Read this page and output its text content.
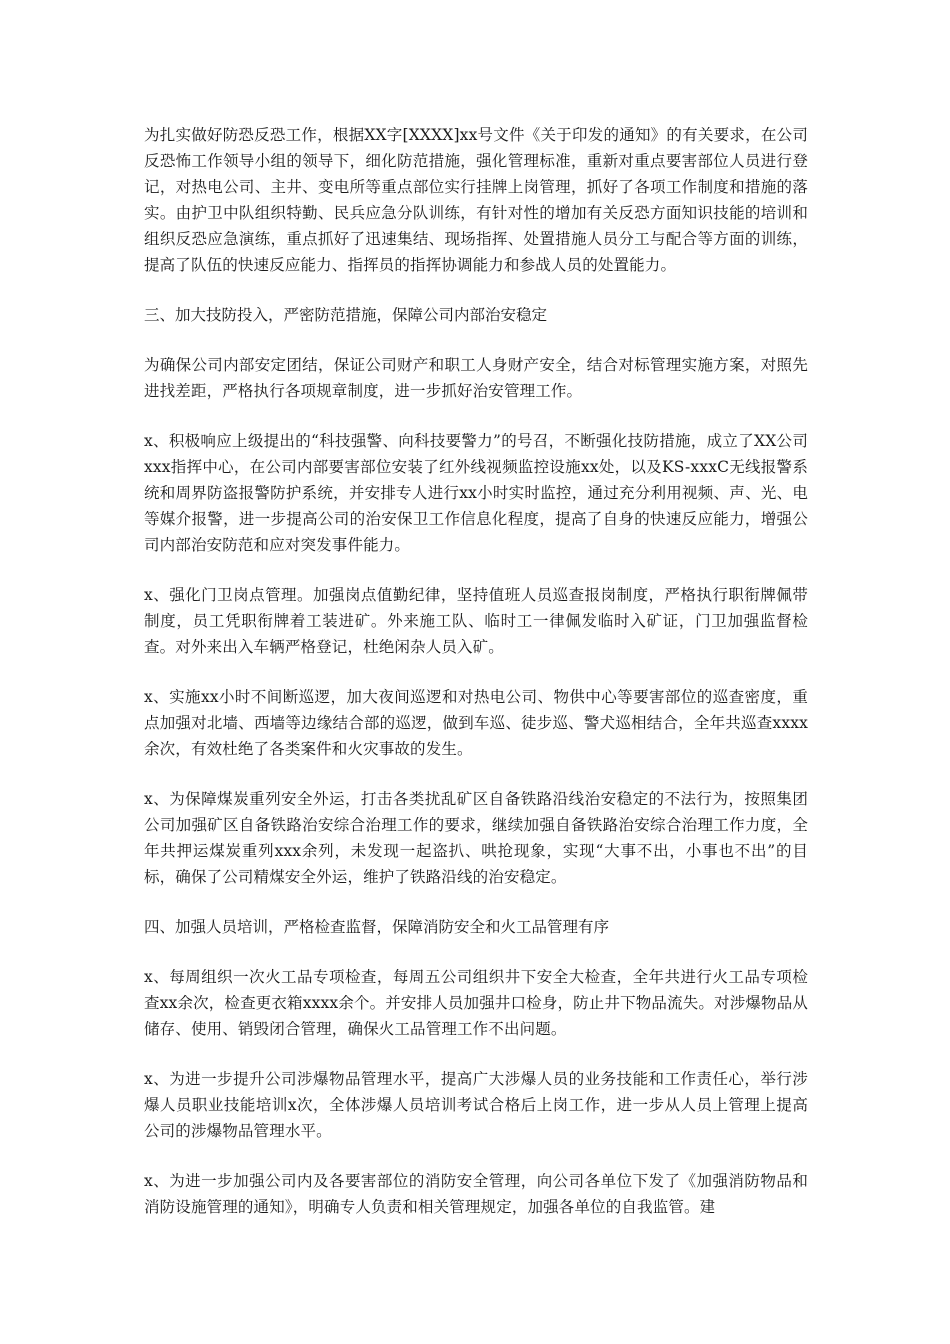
为扎实做好防恐反恐工作，根据XX字[XXXX]xx号文件《关于印发的通知》的有关要求，在公司反恐怖工作领导小组的领导下，细化防范措施，强化管理标准，重新对重点要害部位人员进行登记，对热电公司、主井、变电所等重点部位实行挂牌上岗管理，抓好了各项工作制度和措施的落实。由护卫中队组织特勤、民兵应急分队训练，有针对性的增加有关反恐方面知识技能的培训和组织反恐应急演练，重点抓好了迅速集结、现场指挥、处置措施人员分工与配合等方面的训练，提高了队伍的快速反应能力、指挥员的指挥协调能力和参战人员的处置能力。

三、加大技防投入，严密防范措施，保障公司内部治安稳定

为确保公司内部安定团结，保证公司财产和职工人身财产安全，结合对标管理实施方案，对照先进找差距，严格执行各项规章制度，进一步抓好治安管理工作。

x、积极响应上级提出的“科技强警、向科技要警力”的号召，不断强化技防措施，成立了XX公司xxx指挥中心，在公司内部要害部位安装了红外线视频监控设施xx处，以及KS-xxxC无线报警系统和周界防盗报警防护系统，并安排专人进行xx小时实时监控，通过充分利用视频、声、光、电等媒介报警，进一步提高公司的治安保卫工作信息化程度，提高了自身的快速反应能力，增强公司内部治安防范和应对突发事件能力。

x、强化门卫岗点管理。加强岗点值勤纪律，坚持值班人员巡查报岗制度，严格执行职衔牌佩带制度，员工凭职衔牌着工装进矿。外来施工队、临时工一律佩发临时入矿证，门卫加强监督检查。对外来出入车辆严格登记，杜绝闲杂人员入矿。

x、实施xx小时不间断巡逻，加大夜间巡逻和对热电公司、物供中心等要害部位的巡查密度，重点加强对北墙、西墙等边缘结合部的巡逻，做到车巡、徒步巡、警犬巡相结合，全年共巡查xxxx余次，有效杜绝了各类案件和火灾事故的发生。

x、为保障煤炭重列安全外运，打击各类扰乱矿区自备铁路沿线治安稳定的不法行为，按照集团公司加强矿区自备铁路治安综合治理工作的要求，继续加强自备铁路治安综合治理工作力度，全年共押运煤炭重列xxx余列，未发现一起盗扒、哄抢现象，实现“大事不出，小事也不出”的目标，确保了公司精煤安全外运，维护了铁路沿线的治安稳定。

四、加强人员培训，严格检查监督，保障消防安全和火工品管理有序

x、每周组织一次火工品专项检查，每周五公司组织井下安全大检查，全年共进行火工品专项检查xx余次，检查更衣箱xxxx余个。并安排人员加强井口检身，防止井下物品流失。对涉爆物品从储存、使用、销毁闭合管理，确保火工品管理工作不出问题。

x、为进一步提升公司涉爆物品管理水平，提高广大涉爆人员的业务技能和工作责任心，举行涉爆人员职业技能培训x次，全体涉爆人员培训考试合格后上岗工作，进一步从人员上管理上提高公司的涉爆物品管理水平。

x、为进一步加强公司内及各要害部位的消防安全管理，向公司各单位下发了《加强消防物品和消防设施管理的通知》，明确专人负责和相关管理规定，加强各单位的自我监管。建
